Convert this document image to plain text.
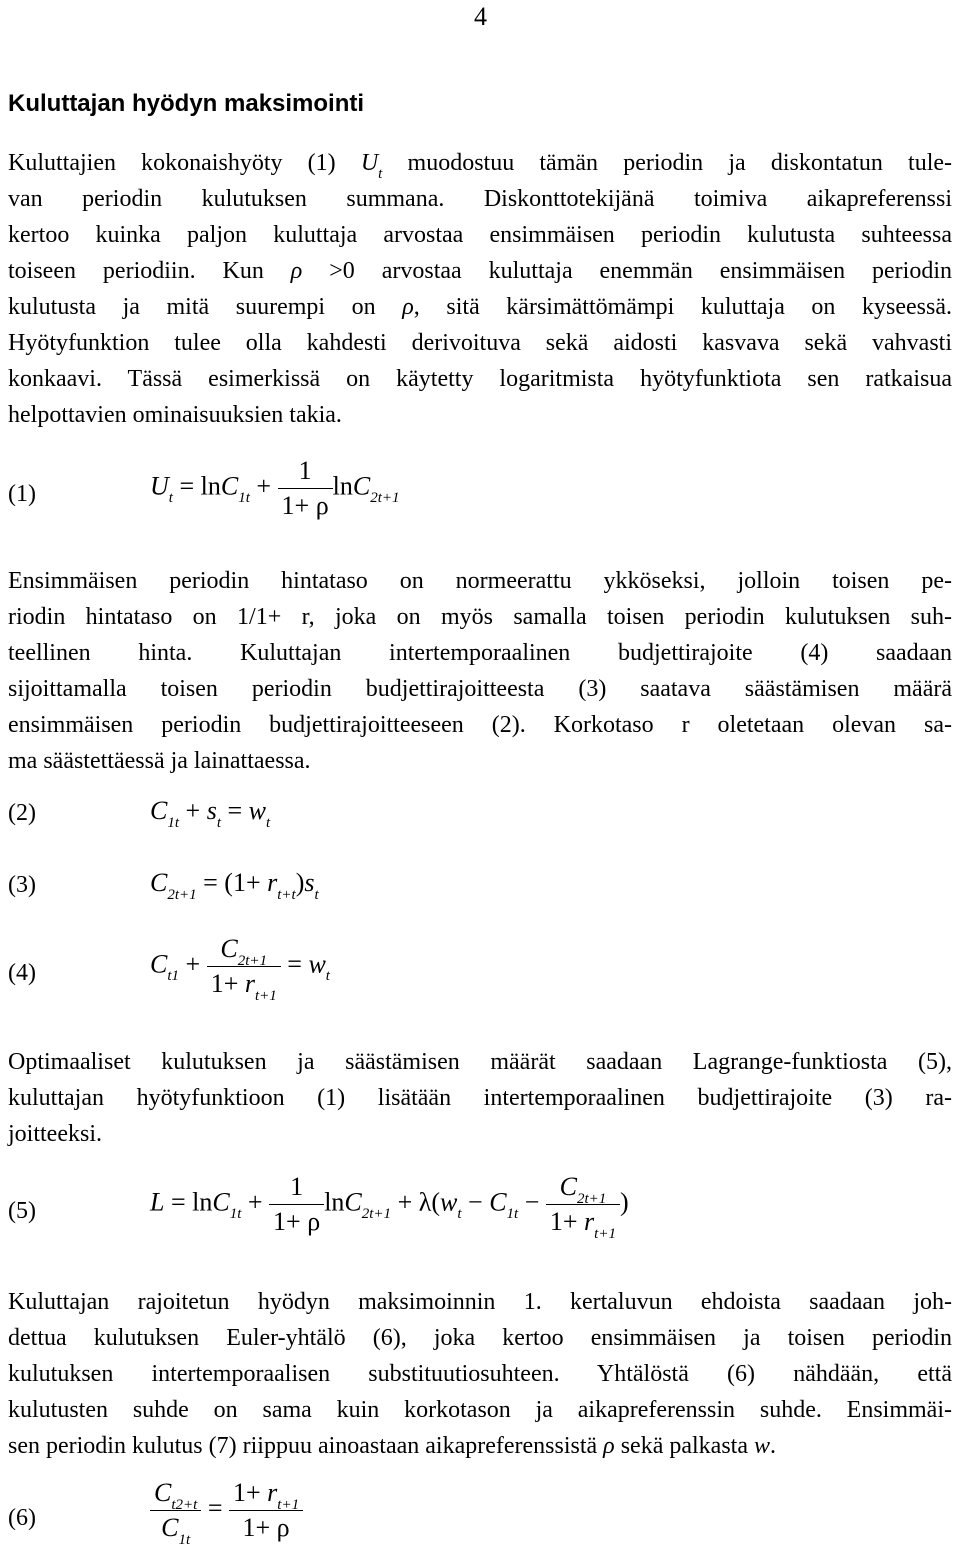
4
Kuluttajan hyödyn maksimointi
Kuluttajien kokonaishyöty (1) $U_t$ muodostuu tämän periodin ja diskontatun tule-
van periodin kulutuksen summana. Diskonttotekijänä toimiva aikapreferenssi
kertoo kuinka paljon kuluttaja arvostaa ensimmäisen periodin kulutusta suhteessa
toiseen periodiin. Kun ρ >0 arvostaa kuluttaja enemmän ensimmäisen periodin
kulutusta ja mitä suurempi on ρ, sitä kärsimättömämpi kuluttaja on kyseessä.
Hyötyfunktion tulee olla kahdesti derivoituva sekä aidosti kasvava sekä vahvasti
konkaavi. Tässä esimerkissä on käytetty logaritmista hyötyfunktiota sen ratkaisua
helpottavien ominaisuuksien takia.
(1)	$U_t = \ln C_{1t} + \frac{1}{1+ \rho} \ln C_{2t+1}$
Ensimmäisen periodin hintataso on normeerattu ykköseksi, jolloin toisen pe-
riodin hintataso on 1/1+ r, joka on myös samalla toisen periodin kulutuksen suh-
teellinen hinta. Kuluttajan intertemporaalinen budjettirajoite (4) saadaan
sijoittamalla toisen periodin budjettirajoitteesta (3) saatava säästämisen määrä
ensimmäisen periodin budjettirajoitteeseen (2). Korkotaso r oletetaan olevan sa-
ma säästettäessä ja lainattaessa.
(2)	$C_{1t} + s_t = w_t$
(3)	$C_{2t+1} = (1+ r_{t+t})s_t$
(4)	$C_{t1} + \frac{C_{2t+1}}{1+ r_{t+1}} = w_t$
Optimaaliset kulutuksen ja säästämisen määrät saadaan Lagrange-funktiosta (5),
kuluttajan hyötyfunktioon (1) lisätään intertemporaalinen budjettirajoite (3) ra-
joitteeksi.
(5)	$L = \ln C_{1t} + \frac{1}{1+ \rho} \ln C_{2t+1} + \lambda(w_t - C_{1t} - \frac{C_{2t+1}}{1+ r_{t+1}}$ )
Kuluttajan rajoitetun hyödyn maksimoinnin 1. kertaluvun ehdoista saadaan joh-
dettua kulutuksen Euler-yhtälö (6), joka kertoo ensimmäisen ja toisen periodin
kulutuksen intertemporaalisen substituutiosuhteen. Yhtälöstä (6) nähdään, että
kulutusten suhde on sama kuin korkotason ja aikapreferenssin suhde. Ensimmäi-
sen periodin kulutus (7) riippuu ainoastaan aikapreferenssistä ρ sekä palkasta w.
(6)	$\frac{C_{t2+t}}{C_{1t}} = \frac{1+ r_{t+1}}{1+ \rho}$
